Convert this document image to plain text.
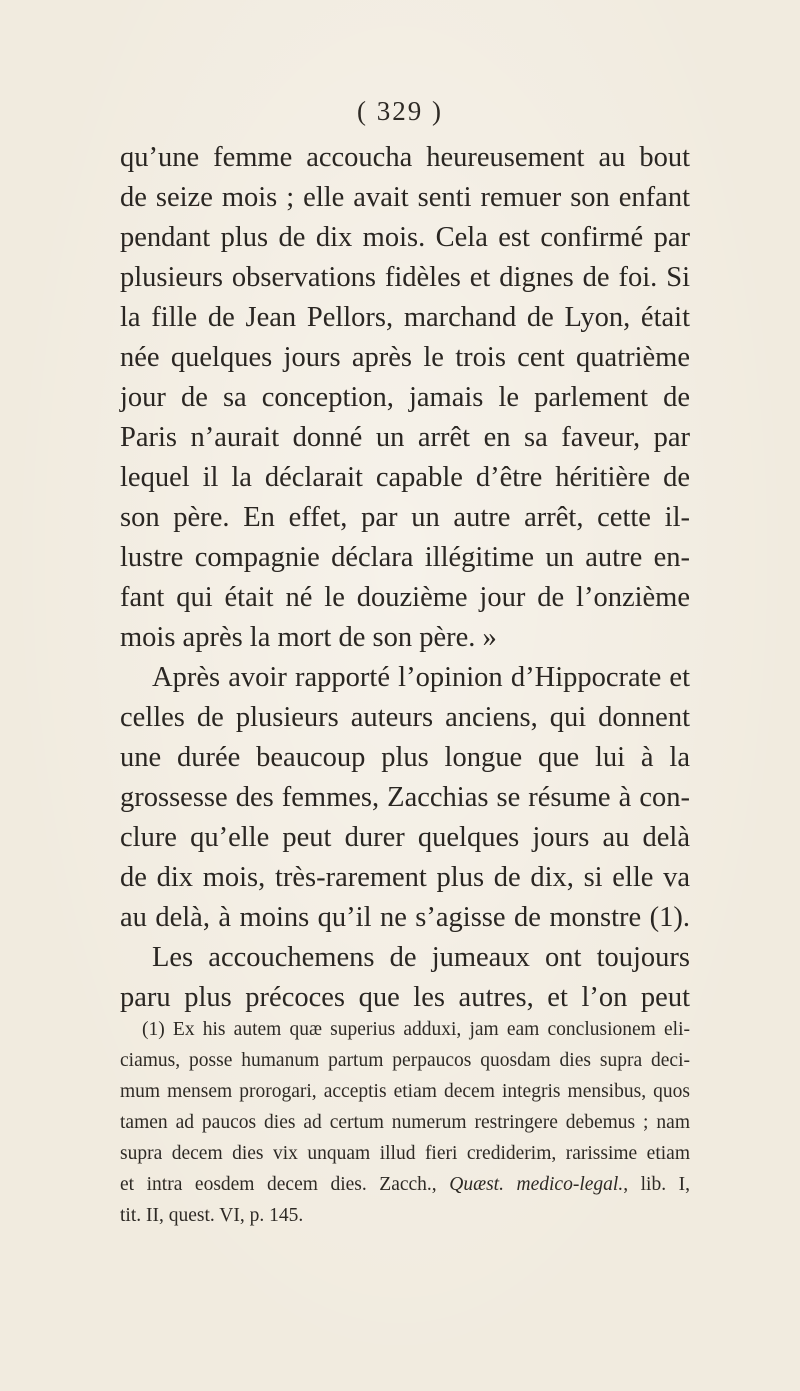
( 329 )
qu’une femme accoucha heureusement au bout
de seize mois ; elle avait senti remuer son enfant
pendant plus de dix mois. Cela est confirmé par
plusieurs observations fidèles et dignes de foi. Si
la fille de Jean Pellors, marchand de Lyon, était
née quelques jours après le trois cent quatrième
jour de sa conception, jamais le parlement de
Paris n’aurait donné un arrêt en sa faveur, par
lequel il la déclarait capable d’être héritière de
son père. En effet, par un autre arrêt, cette il-
lustre compagnie déclara illégitime un autre en-
fant qui était né le douzième jour de l’onzième
mois après la mort de son père. »
Après avoir rapporté l’opinion d’Hippocrate et
celles de plusieurs auteurs anciens, qui donnent
une durée beaucoup plus longue que lui à la
grossesse des femmes, Zacchias se résume à con-
clure qu’elle peut durer quelques jours au delà
de dix mois, très-rarement plus de dix, si elle va
au delà, à moins qu’il ne s’agisse de monstre (1).
Les accouchemens de jumeaux ont toujours
paru plus précoces que les autres, et l’on peut
(1) Ex his autem quæ superius adduxi, jam eam conclusionem eli-
ciamus, posse humanum partum perpaucos quosdam dies supra deci-
mum mensem prorogari, acceptis etiam decem integris mensibus, quos
tamen ad paucos dies ad certum numerum restringere debemus ; nam
supra decem dies vix unquam illud fieri crediderim, rarissime etiam
et intra eosdem decem dies. Zacch., Quæst. medico-legal., lib. I,
tit. II, quest. VI, p. 145.
